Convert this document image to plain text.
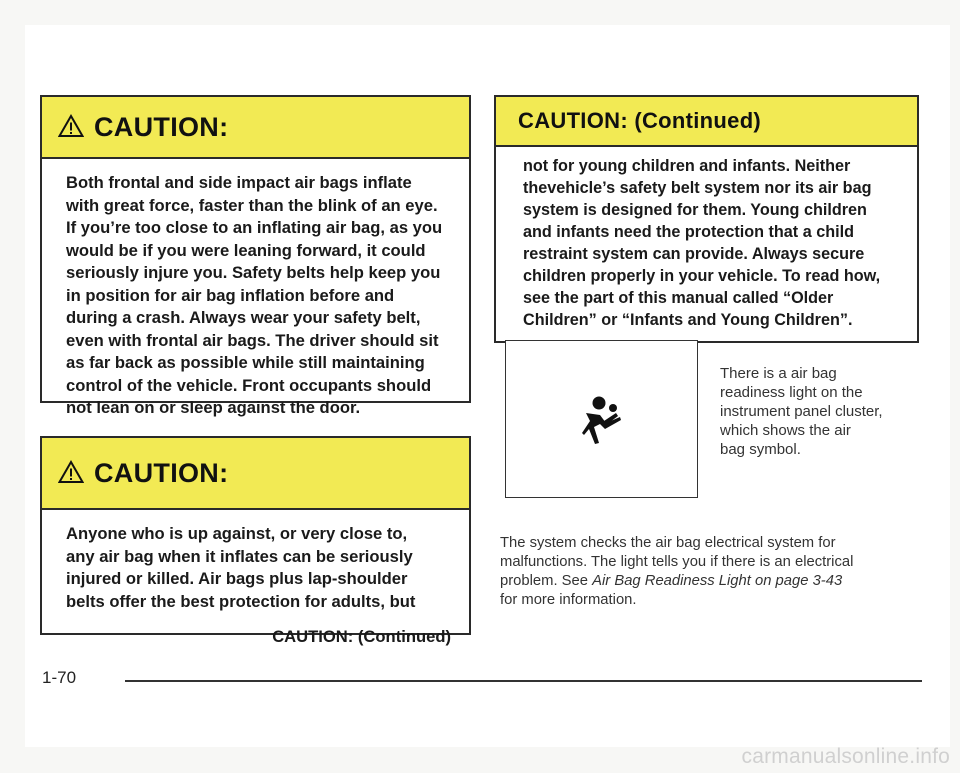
CAUTION:
Both frontal and side impact air bags inflate
with great force, faster than the blink of an eye.
If you’re too close to an inflating air bag, as you
would be if you were leaning forward, it could
seriously injure you. Safety belts help keep you
in position for air bag inflation before and
during a crash. Always wear your safety belt,
even with frontal air bags. The driver should sit
as far back as possible while still maintaining
control of the vehicle. Front occupants should
not lean on or sleep against the door.
CAUTION:
Anyone who is up against, or very close to,
any air bag when it inflates can be seriously
injured or killed. Air bags plus lap-shoulder
belts offer the best protection for adults, but
CAUTION: (Continued)
CAUTION: (Continued)
not for young children and infants. Neither
thevehicle’s safety belt system nor its air bag
system is designed for them. Young children
and infants need the protection that a child
restraint system can provide. Always secure
children properly in your vehicle. To read how,
see the part of this manual called “Older
Children” or “Infants and Young Children”.
There is a air bag
readiness light on the
instrument panel cluster,
which shows the air
bag symbol.
The system checks the air bag electrical system for
malfunctions. The light tells you if there is an electrical
problem. See Air Bag Readiness Light on page 3-43
for more information.
1-70
carmanualsonline.info
